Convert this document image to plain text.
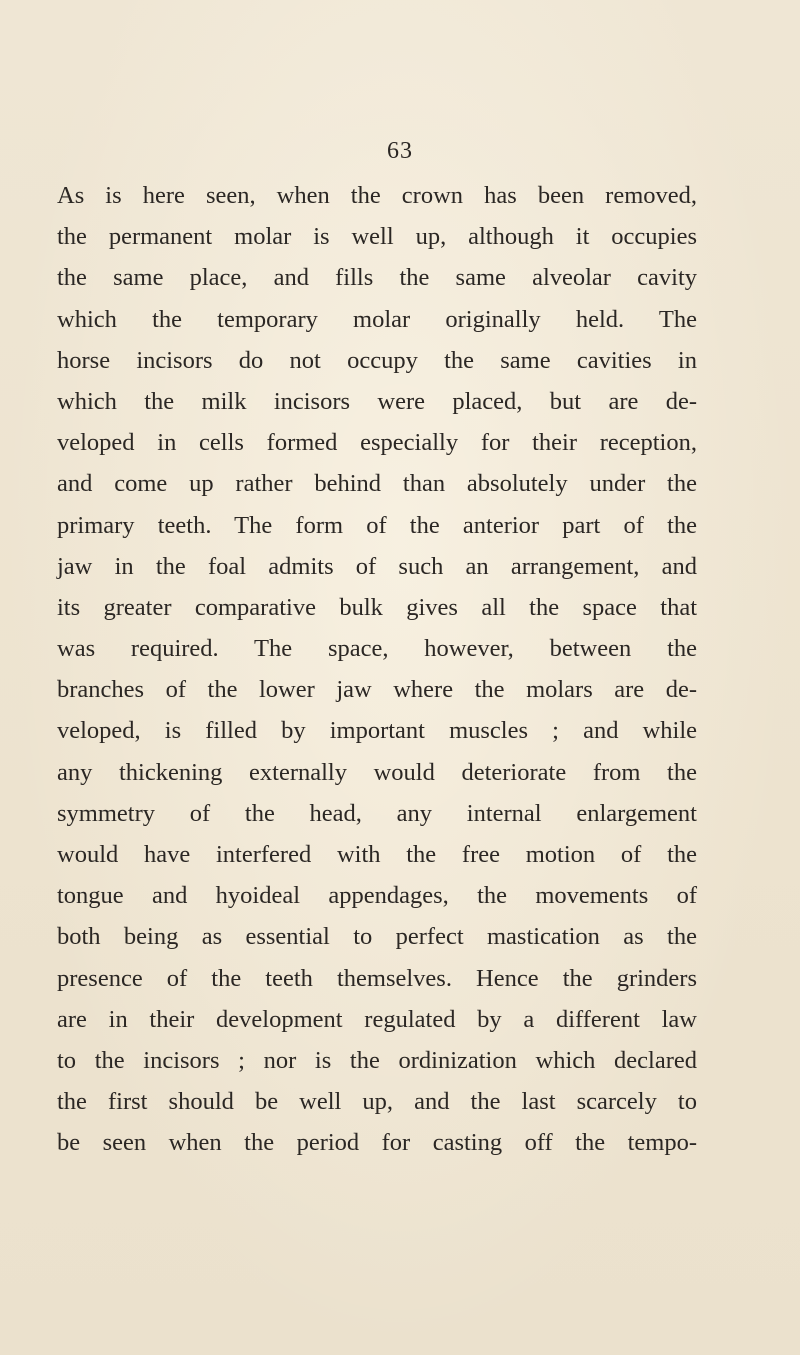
63
As is here seen, when the crown has been removed,
the permanent molar is well up, although it occupies
the same place, and fills the same alveolar cavity
which the temporary molar originally held. The
horse incisors do not occupy the same cavities in
which the milk incisors were placed, but are de-
veloped in cells formed especially for their reception,
and come up rather behind than absolutely under the
primary teeth. The form of the anterior part of the
jaw in the foal admits of such an arrangement, and
its greater comparative bulk gives all the space that
was required. The space, however, between the
branches of the lower jaw where the molars are de-
veloped, is filled by important muscles ; and while
any thickening externally would deteriorate from the
symmetry of the head, any internal enlargement
would have interfered with the free motion of the
tongue and hyoideal appendages, the movements of
both being as essential to perfect mastication as the
presence of the teeth themselves. Hence the grinders
are in their development regulated by a different law
to the incisors ; nor is the ordinization which declared
the first should be well up, and the last scarcely to
be seen when the period for casting off the tempo-
